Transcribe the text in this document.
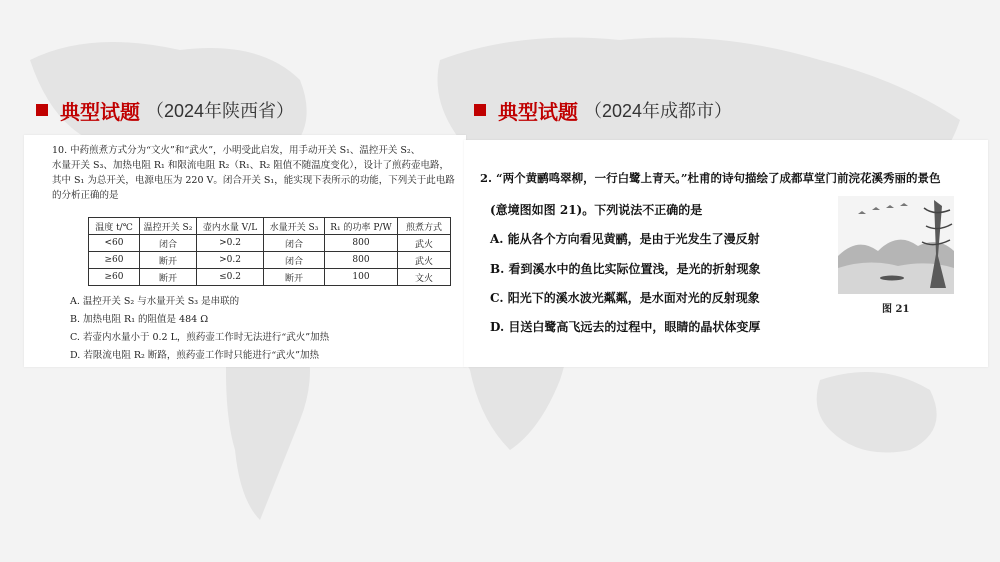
典型试题 （2024年陕西省）	典型试题 （2024年成都市）

10. 中药煎煮方式分为“文火”和“武火”，小明受此启发，用手动开关 S₁、温控开关 S₂、

水量开关 S₃、加热电阻 R₁ 和限流电阻 R₂（R₁、R₂ 阻值不随温度变化），设计了煎药壶电路，

其中 S₁ 为总开关，电源电压为 220 V。闭合开关 S₁，能实现下表所示的功能，下列关于此电路

的分析正确的是

温度 t/℃	温控开关 S₂	壶内水量 V/L	水量开关 S₃	R₁ 的功率 P/W	煎煮方式
<60	闭合	>0.2	闭合	800	武火
≥60	断开	>0.2	闭合	800	武火
≥60	断开	≤0.2	断开	100	文火
A. 温控开关 S₂ 与水量开关 S₃ 是串联的
B. 加热电阻 R₁ 的阻值是 484 Ω
C. 若壶内水量小于 0.2 L，煎药壶工作时无法进行“武火”加热
D. 若限流电阻 R₂ 断路，煎药壶工作时只能进行“武火”加热
2. “两个黄鹂鸣翠柳，一行白鹭上青天。”杜甫的诗句描绘了成都草堂门前浣花溪秀丽的景色
(意境图如图 21)。下列说法不正确的是
A. 能从各个方向看见黄鹂，是由于光发生了漫反射
B. 看到溪水中的鱼比实际位置浅，是光的折射现象
C. 阳光下的溪水波光粼粼，是水面对光的反射现象
D. 目送白鹭高飞远去的过程中，眼睛的晶状体变厚
图 21
